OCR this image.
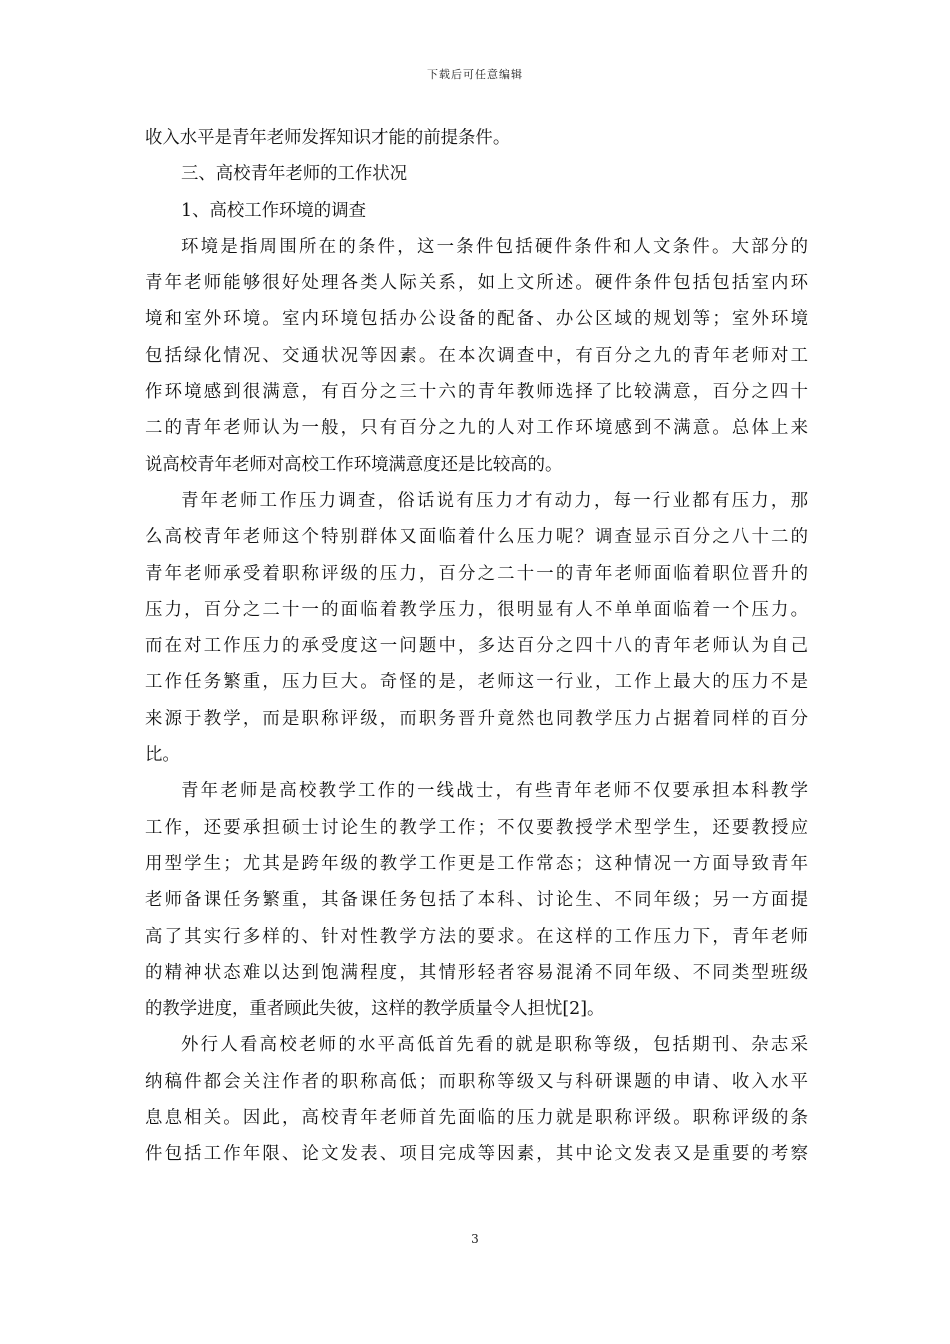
下载后可任意编辑
收入水平是青年老师发挥知识才能的前提条件。
三、高校青年老师的工作状况
1、高校工作环境的调查
环境是指周围所在的条件，这一条件包括硬件条件和人文条件。大部分的
青年老师能够很好处理各类人际关系，如上文所述。硬件条件包括包括室内环
境和室外环境。室内环境包括办公设备的配备、办公区域的规划等；室外环境
包括绿化情况、交通状况等因素。在本次调查中，有百分之九的青年老师对工
作环境感到很满意，有百分之三十六的青年教师选择了比较满意，百分之四十
二的青年老师认为一般，只有百分之九的人对工作环境感到不满意。总体上来
说高校青年老师对高校工作环境满意度还是比较高的。
青年老师工作压力调查，俗话说有压力才有动力，每一行业都有压力，那
么高校青年老师这个特别群体又面临着什么压力呢？调查显示百分之八十二的
青年老师承受着职称评级的压力，百分之二十一的青年老师面临着职位晋升的
压力，百分之二十一的面临着教学压力，很明显有人不单单面临着一个压力。
而在对工作压力的承受度这一问题中，多达百分之四十八的青年老师认为自己
工作任务繁重，压力巨大。奇怪的是，老师这一行业，工作上最大的压力不是
来源于教学，而是职称评级，而职务晋升竟然也同教学压力占据着同样的百分
比。
青年老师是高校教学工作的一线战士，有些青年老师不仅要承担本科教学
工作，还要承担硕士讨论生的教学工作；不仅要教授学术型学生，还要教授应
用型学生；尤其是跨年级的教学工作更是工作常态；这种情况一方面导致青年
老师备课任务繁重，其备课任务包括了本科、讨论生、不同年级；另一方面提
高了其实行多样的、针对性教学方法的要求。在这样的工作压力下，青年老师
的精神状态难以达到饱满程度，其情形轻者容易混淆不同年级、不同类型班级
的教学进度，重者顾此失彼，这样的教学质量令人担忧[2]。
外行人看高校老师的水平高低首先看的就是职称等级，包括期刊、杂志采
纳稿件都会关注作者的职称高低；而职称等级又与科研课题的申请、收入水平
息息相关。因此，高校青年老师首先面临的压力就是职称评级。职称评级的条
件包括工作年限、论文发表、项目完成等因素，其中论文发表又是重要的考察
3
